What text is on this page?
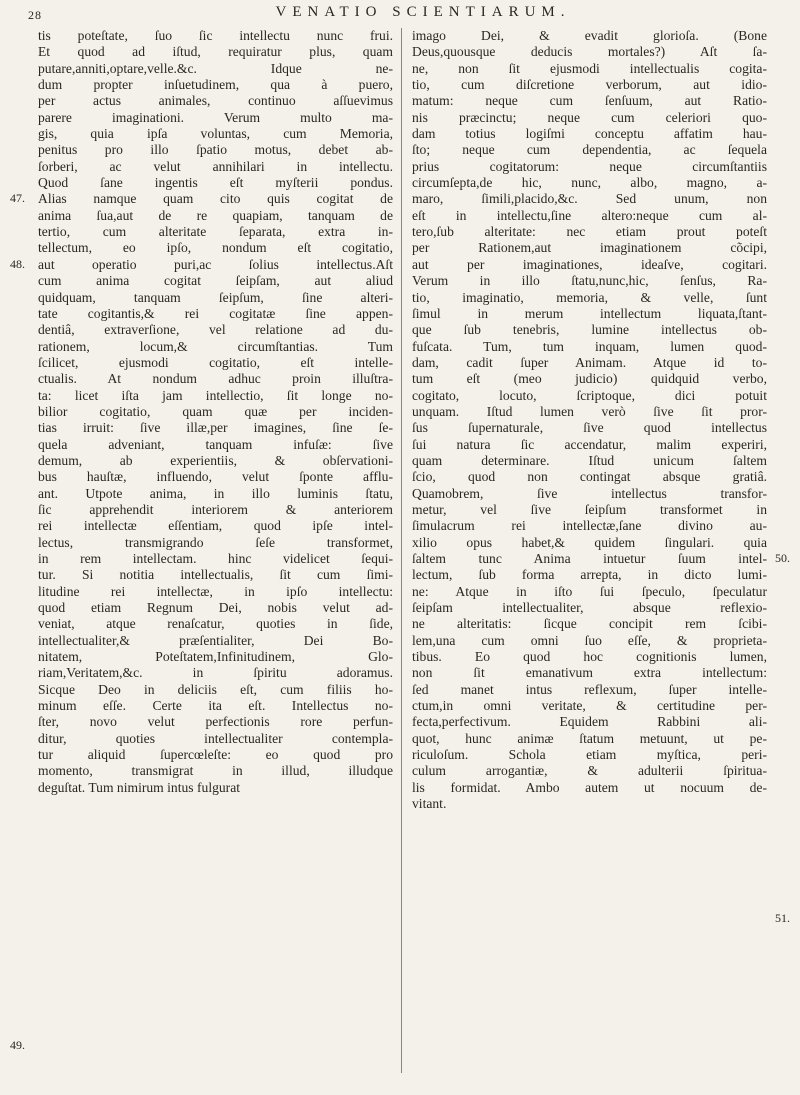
28	VENATIO SCIENTIARUM.
tis poteſtate, ſuo ſic intellectu nunc frui.
Et quod ad iſtud, requiratur plus, quam
putare,anniti,optare,velle.&c. Idque ne-
dum propter inſuetudinem, qua à puero,
per actus animales, continuo aſſuevimus
parere imaginationi. Verum multo ma-
gis, quia ipſa voluntas, cum Memoria,
penitus pro illo ſpatio motus, debet ab-
ſorberi, ac velut annihilari in intellectu.
Quod ſane ingentis eſt myſterii pondus.
Alias namque quam cito quis cogitat de
anima ſua,aut de re quapiam, tanquam de
tertio, cum alteritate ſeparata, extra in-
tellectum, eo ipſo, nondum eſt cogitatio,
aut operatio puri,ac ſolius intellectus.Aſt
cum anima cogitat ſeipſam, aut aliud
quidquam, tanquam ſeipſum, ſine alteri-
tate cogitantis,& rei cogitatæ ſine appen-
dentiâ, extraverſione, vel relatione ad du-
rationem, locum,& circumſtantias. Tum
ſcilicet, ejusmodi cogitatio, eſt intelle-
ctualis. At nondum adhuc proin illuſtra-
ta: licet iſta jam intellectio, ſit longe no-
bilior cogitatio, quam quæ per inciden-
tias irruit: ſive illæ,per imagines, ſine ſe-
quela adveniant, tanquam infuſæ: ſive
demum, ab experientiis, & obſervationi-
bus hauſtæ, influendo, velut ſponte afflu-
ant. Utpote anima, in illo luminis ſtatu,
ſic apprehendit interiorem & anteriorem
rei intellectæ eſſentiam, quod ipſe intel-
lectus, transmigrando ſeſe transformet,
in rem intellectam. hinc videlicet ſequi-
tur. Si notitia intellectualis, ſit cum ſimi-
litudine rei intellectæ, in ipſo intellectu:
quod etiam Regnum Dei, nobis velut ad-
veniat, atque renaſcatur, quoties in ſide,
intellectualiter,& præſentialiter, Dei Bo-
nitatem, Poteſtatem,Infinitudinem, Glo-
riam,Veritatem,&c. in ſpiritu adoramus.
Sicque Deo in deliciis eſt, cum filiis ho-
minum eſſe. Certe ita eſt. Intellectus no-
ſter, novo velut perfectionis rore perfun-
ditur, quoties intellectualiter contempla-
tur aliquid ſupercœleſte: eo quod pro
momento, transmigrat in illud, illudque
deguſtat. Tum nimirum intus fulgurat
imago Dei, & evadit glorioſa. (Bone
Deus,quousque deducis mortales?) Aſt ſa-
ne, non ſit ejusmodi intellectualis cogita-
tio, cum diſcretione verborum, aut idio-
matum: neque cum ſenſuum, aut Ratio-
nis præcinctu; neque cum celeriori quo-
dam totius logiſmi conceptu affatim hau-
ſto; neque cum dependentia, ac ſequela
prius cogitatorum: neque circumſtantiis
circumſepta,de hic, nunc, albo, magno, a-
maro, ſimili,placido,&c. Sed unum, non
eſt in intellectu,ſine altero:neque cum al-
tero,ſub alteritate: nec etiam prout poteſt
per Rationem,aut imaginationem cõcipi,
aut per imaginationes, ideaſve, cogitari.
Verum in illo ſtatu,nunc,hic, ſenſus, Ra-
tio, imaginatio, memoria, & velle, ſunt
ſimul in merum intellectum liquata,ſtant-
que ſub tenebris, lumine intellectus ob-
fuſcata. Tum, tum inquam, lumen quod-
dam, cadit ſuper Animam. Atque id to-
tum eſt (meo judicio) quidquid verbo,
cogitato, locuto, ſcriptoque, dici potuit
unquam. Iſtud lumen verò ſive ſit pror-
ſus ſupernaturale, ſive quod intellectus
ſui natura ſic accendatur, malim experiri,
quam determinare. Iſtud unicum ſaltem
ſcio, quod non contingat absque gratiâ.
Quamobrem, ſive intellectus transfor-
metur, vel ſive ſeipſum transformet in
ſimulacrum rei intellectæ,ſane divino au-
xilio opus habet,& quidem ſingulari. quia
ſaltem tunc Anima intuetur ſuum intel-
lectum, ſub forma arrepta, in dicto lumi-
ne: Atque in iſto ſui ſpeculo, ſpeculatur
ſeipſam intellectualiter, absque reflexio-
ne alteritatis: ſicque concipit rem ſcibi-
lem,una cum omni ſuo eſſe, & proprieta-
tibus. Eo quod hoc cognitionis lumen,
non ſit emanativum extra intellectum:
ſed manet intus reflexum, ſuper intelle-
ctum,in omni veritate, & certitudine per-
fecta,perfectivum. Equidem Rabbini ali-
quot, hunc animæ ſtatum metuunt, ut pe-
riculoſum. Schola etiam myſtica, peri-
culum arrogantiæ, & adulterii ſpiritua-
lis formidat. Ambo autem ut nocuum de-
vitant.
47.
48.
49.
50.
51.
